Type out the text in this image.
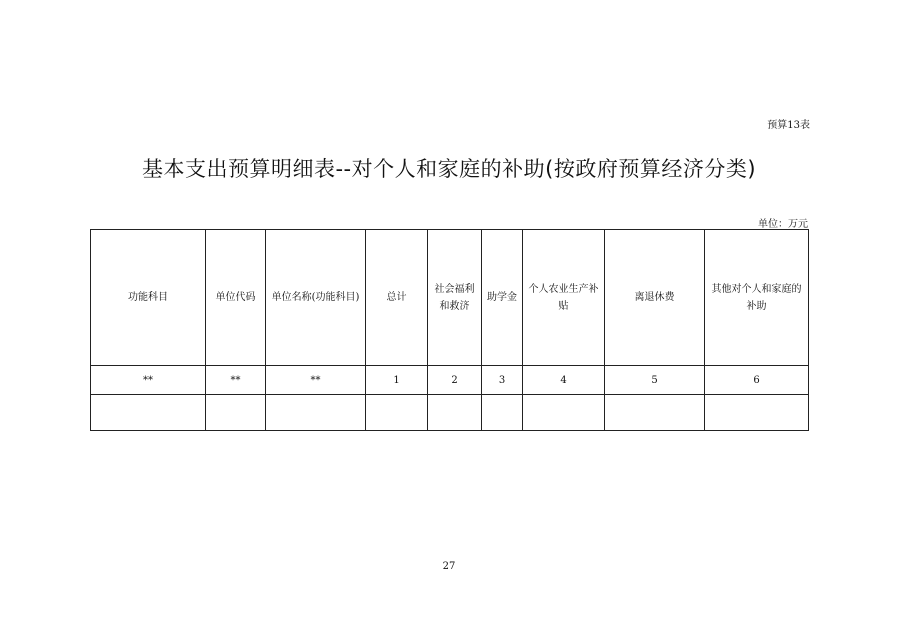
预算13表
基本支出预算明细表--对个人和家庭的补助(按政府预算经济分类)
单位：万元
功能科目	单位代码	单位名称(功能科目)	总计	社会福利和救济	助学金	个人农业生产补贴	离退休费	其他对个人和家庭的补助
**	**	**	1	2	3	4	5	6

27
